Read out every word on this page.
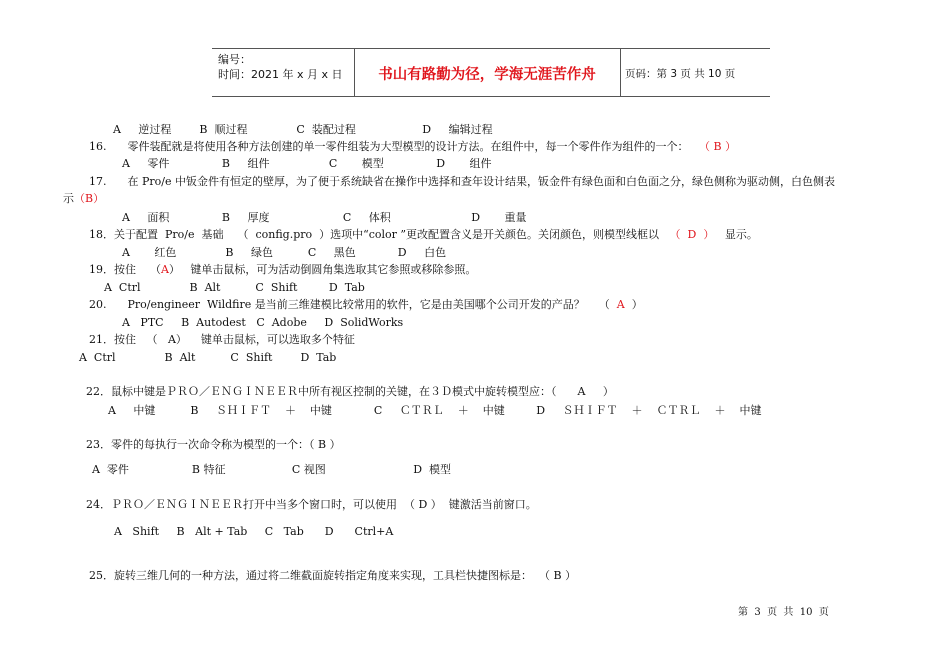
编号：
时间：2021 年 x 月 x 日	书山有路勤为径，学海无涯苦作舟	页码：第 3 页 共 10 页
A     逆过程        B  顺过程              C  装配过程                   D     编辑过程
16.      零件装配就是将使用各种方法创建的单一零件组装为大型模型的设计方法。在组件中，每一个零件作为组件的一个： （ B ）
A     零件               B     组件                 C       模型               D       组件
17.      在 Pro/e 中钣金件有恒定的壁厚，为了便于系统缺省在操作中选择和查年设计结果，钣金件有绿色面和白色面之分，绿色侧称为驱动侧，白色侧表
示（B）
A     面积               B     厚度                     C     体积                       D       重量
18．关于配置  Pro/e  基础    （  config.pro  ）选项中“color ”更改配置含义是开关颜色。关闭颜色，则模型线框以 （  D  ） 显示。
A       红色              B     绿色          C     黑色            D     白色
19．按住    （A）   键单击鼠标，可为活动倒圆角集选取其它参照或移除参照。
A  Ctrl              B  Alt          C  Shift         D  Tab
20.      Pro/engineer  Wildfire 是当前三维建模比较常用的软件，它是由美国哪个公司开发的产品？    （  A  ）
A   PTC     B  Autodest   C  Adobe     D  SolidWorks
21．按住   （   A）    键单击鼠标，可以选取多个特征
A  Ctrl              B  Alt          C  Shift        D  Tab
22．鼠标中键是ＰＲＯ／ＥＮＧＩＮＥＥＲ中所有视区控制的关键，在３Ｄ模式中旋转模型应：（      A     ）
A     中键          B     ＳＨＩＦＴ    ＋    中键            C     ＣＴＲＬ    ＋    中键         D     ＳＨＩＦＴ    ＋    ＣＴＲＬ    ＋    中键
23．零件的每执行一次命令称为模型的一个：（ B ）
A  零件                  B 特征                   C 视图                         D  模型
24．ＰＲＯ／ＥＮＧＩＮＥＥＲ打开中当多个窗口时，可以使用  （ D ）  键激活当前窗口。
A   Shift     B   Alt + Tab     C   Tab      D      Ctrl+A
25．旋转三维几何的一种方法，通过将二维截面旋转指定角度来实现，工具栏快捷图标是：  （ B ）
第  3  页  共  10  页
